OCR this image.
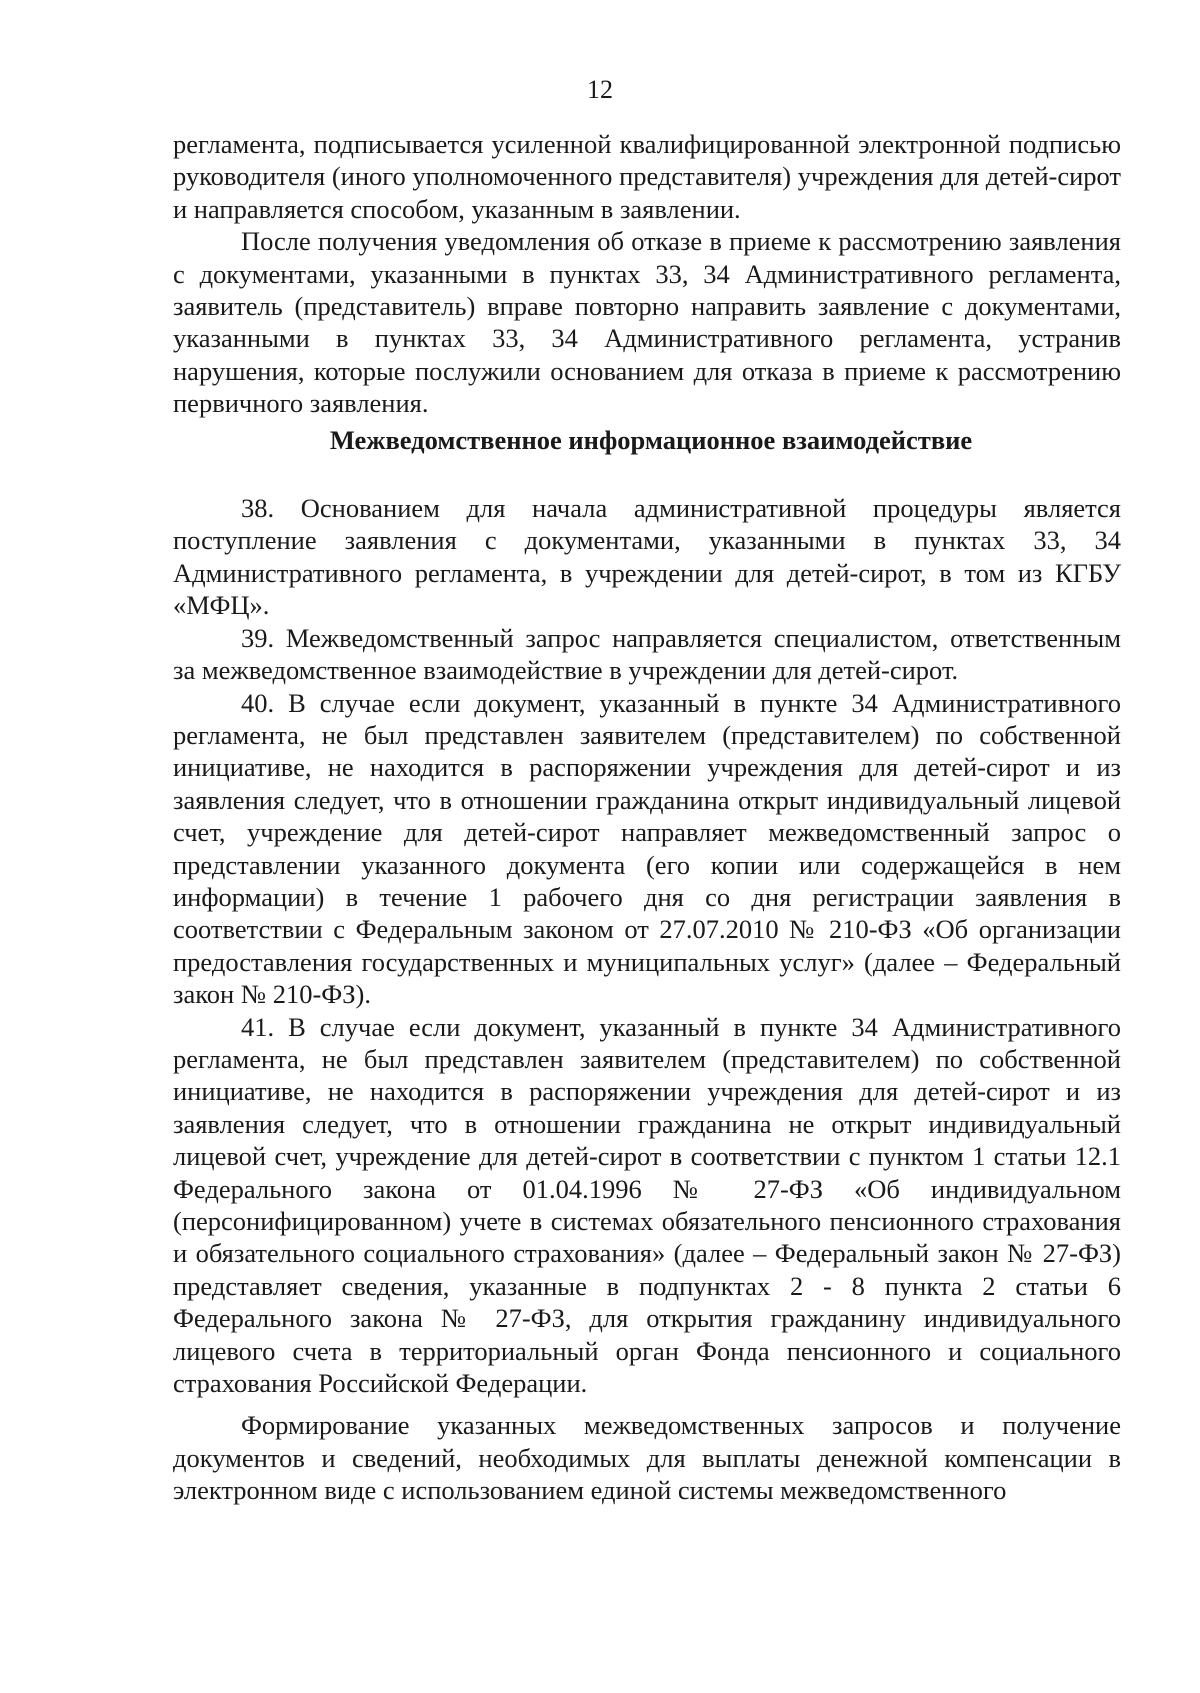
12

регламента, подписывается усиленной квалифицированной электронной подписью руководителя (иного уполномоченного представителя) учреждения для детей-сирот и направляется способом, указанным в заявлении.

После получения уведомления об отказе в приеме к рассмотрению заявления с документами, указанными в пунктах 33, 34 Административного регламента, заявитель (представитель) вправе повторно направить заявление с документами, указанными в пунктах 33, 34 Административного регламента, устранив нарушения, которые послужили основанием для отказа в приеме к рассмотрению первичного заявления.

Межведомственное информационное взаимодействие

38. Основанием для начала административной процедуры является поступление заявления с документами, указанными в пунктах 33, 34 Административного регламента, в учреждении для детей-сирот, в том из КГБУ «МФЦ».

39. Межведомственный запрос направляется специалистом, ответственным за межведомственное взаимодействие в учреждении для детей-сирот.

40. В случае если документ, указанный в пункте 34 Административного регламента, не был представлен заявителем (представителем) по собственной инициативе, не находится в распоряжении учреждения для детей-сирот и из заявления следует, что в отношении гражданина открыт индивидуальный лицевой счет, учреждение для детей-сирот направляет межведомственный запрос о представлении указанного документа (его копии или содержащейся в нем информации) в течение 1 рабочего дня со дня регистрации заявления в соответствии с Федеральным законом от 27.07.2010 № 210-ФЗ «Об организации предоставления государственных и муниципальных услуг» (далее – Федеральный закон № 210-ФЗ).

41. В случае если документ, указанный в пункте 34 Административного регламента, не был представлен заявителем (представителем) по собственной инициативе, не находится в распоряжении учреждения для детей-сирот и из заявления следует, что в отношении гражданина не открыт индивидуальный лицевой счет, учреждение для детей-сирот в соответствии с пунктом 1 статьи 12.1 Федерального закона от 01.04.1996 № 27-ФЗ «Об индивидуальном (персонифицированном) учете в системах обязательного пенсионного страхования и обязательного социального страхования» (далее – Федеральный закон № 27-ФЗ) представляет сведения, указанные в подпунктах 2 - 8 пункта 2 статьи 6 Федерального закона № 27-ФЗ, для открытия гражданину индивидуального лицевого счета в территориальный орган Фонда пенсионного и социального страхования Российской Федерации.

Формирование указанных межведомственных запросов и получение документов и сведений, необходимых для выплаты денежной компенсации в электронном виде с использованием единой системы межведомственного
